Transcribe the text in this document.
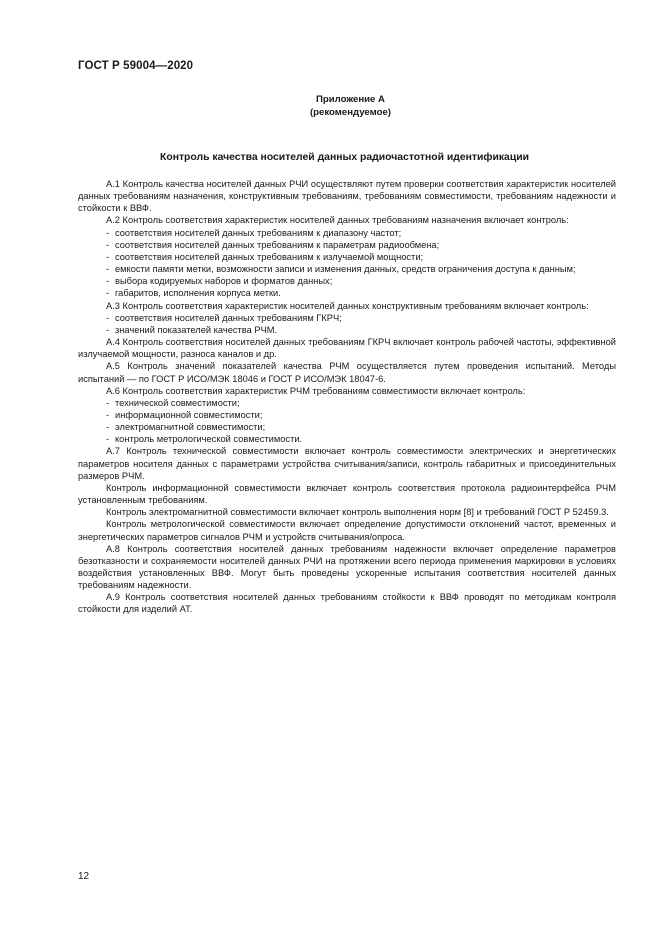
ГОСТ Р 59004—2020
Приложение А
(рекомендуемое)
Контроль качества носителей данных радиочастотной идентификации

А.1 Контроль качества носителей данных РЧИ осуществляют путем проверки соответствия характеристик носителей данных требованиям назначения, конструктивным требованиям, требованиям совместимости, требованиям надежности и стойкости к ВВФ.

А.2 Контроль соответствия характеристик носителей данных требованиям назначения включает контроль:

- соответствия носителей данных требованиям к диапазону частот;

- соответствия носителей данных требованиям к параметрам радиообмена;

- соответствия носителей данных требованиям к излучаемой мощности;

- емкости памяти метки, возможности записи и изменения данных, средств ограничения доступа к данным;

- выбора кодируемых наборов и форматов данных;

- габаритов, исполнения корпуса метки.

А.3 Контроль соответствия характеристик носителей данных конструктивным требованиям включает контроль:

- соответствия носителей данных требованиям ГКРЧ;

- значений показателей качества РЧМ.

А.4 Контроль соответствия носителей данных требованиям ГКРЧ включает контроль рабочей частоты, эффективной излучаемой мощности, разноса каналов и др.

А.5 Контроль значений показателей качества РЧМ осуществляется путем проведения испытаний. Методы испытаний — по ГОСТ Р ИСО/МЭК 18046 и ГОСТ Р ИСО/МЭК 18047-6.

А.6 Контроль соответствия характеристик РЧМ требованиям совместимости включает контроль:

- технической совместимости;

- информационной совместимости;

- электромагнитной совместимости;

- контроль метрологической совместимости.

А.7 Контроль технической совместимости включает контроль совместимости электрических и энергетических параметров носителя данных с параметрами устройства считывания/записи, контроль габаритных и присоединительных размеров РЧМ.

Контроль информационной совместимости включает контроль соответствия протокола радиоинтерфейса РЧМ установленным требованиям.

Контроль электромагнитной совместимости включает контроль выполнения норм [8] и требований ГОСТ Р 52459.3.

Контроль метрологической совместимости включает определение допустимости отклонений частот, временных и энергетических параметров сигналов РЧМ и устройств считывания/опроса.

А.8 Контроль соответствия носителей данных требованиям надежности включает определение параметров безотказности и сохраняемости носителей данных РЧИ на протяжении всего периода применения маркировки в условиях воздействия установленных ВВФ. Могут быть проведены ускоренные испытания соответствия носителей данных требованиям надежности.

А.9 Контроль соответствия носителей данных требованиям стойкости к ВВФ проводят по методикам контроля стойкости для изделий АТ.

12
